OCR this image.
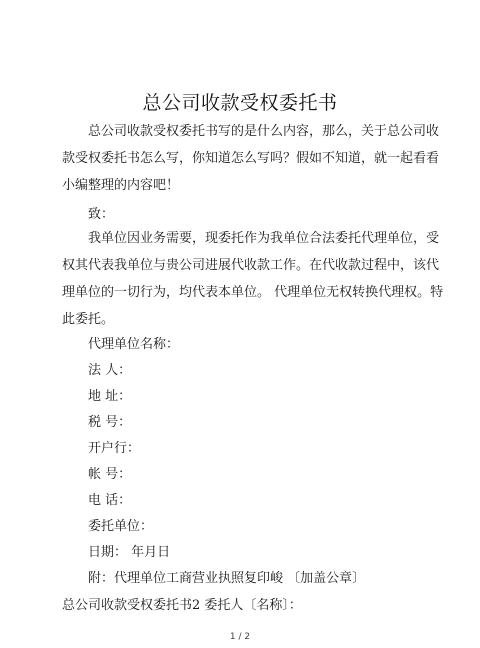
总公司收款受权委托书
总公司收款受权委托书写的是什么内容，那么，关于总公司收
款受权委托书怎么写，你知道怎么写吗？假如不知道，就一起看看
小编整理的内容吧！
致：
我单位因业务需要，现委托作为我单位合法委托代理单位，受
权其代表我单位与贵公司进展代收款工作。在代收款过程中，该代
理单位的一切行为，均代表本单位。 代理单位无权转换代理权。特
此委托。
代理单位名称：
法 人：
地 址：
税 号：
开户行：
帐 号：
电 话：
委托单位：
日期： 年月日
附：代理单位工商营业执照复印峻 〔加盖公章〕
总公司收款受权委托书2 委托人〔名称〕：
1 / 2
